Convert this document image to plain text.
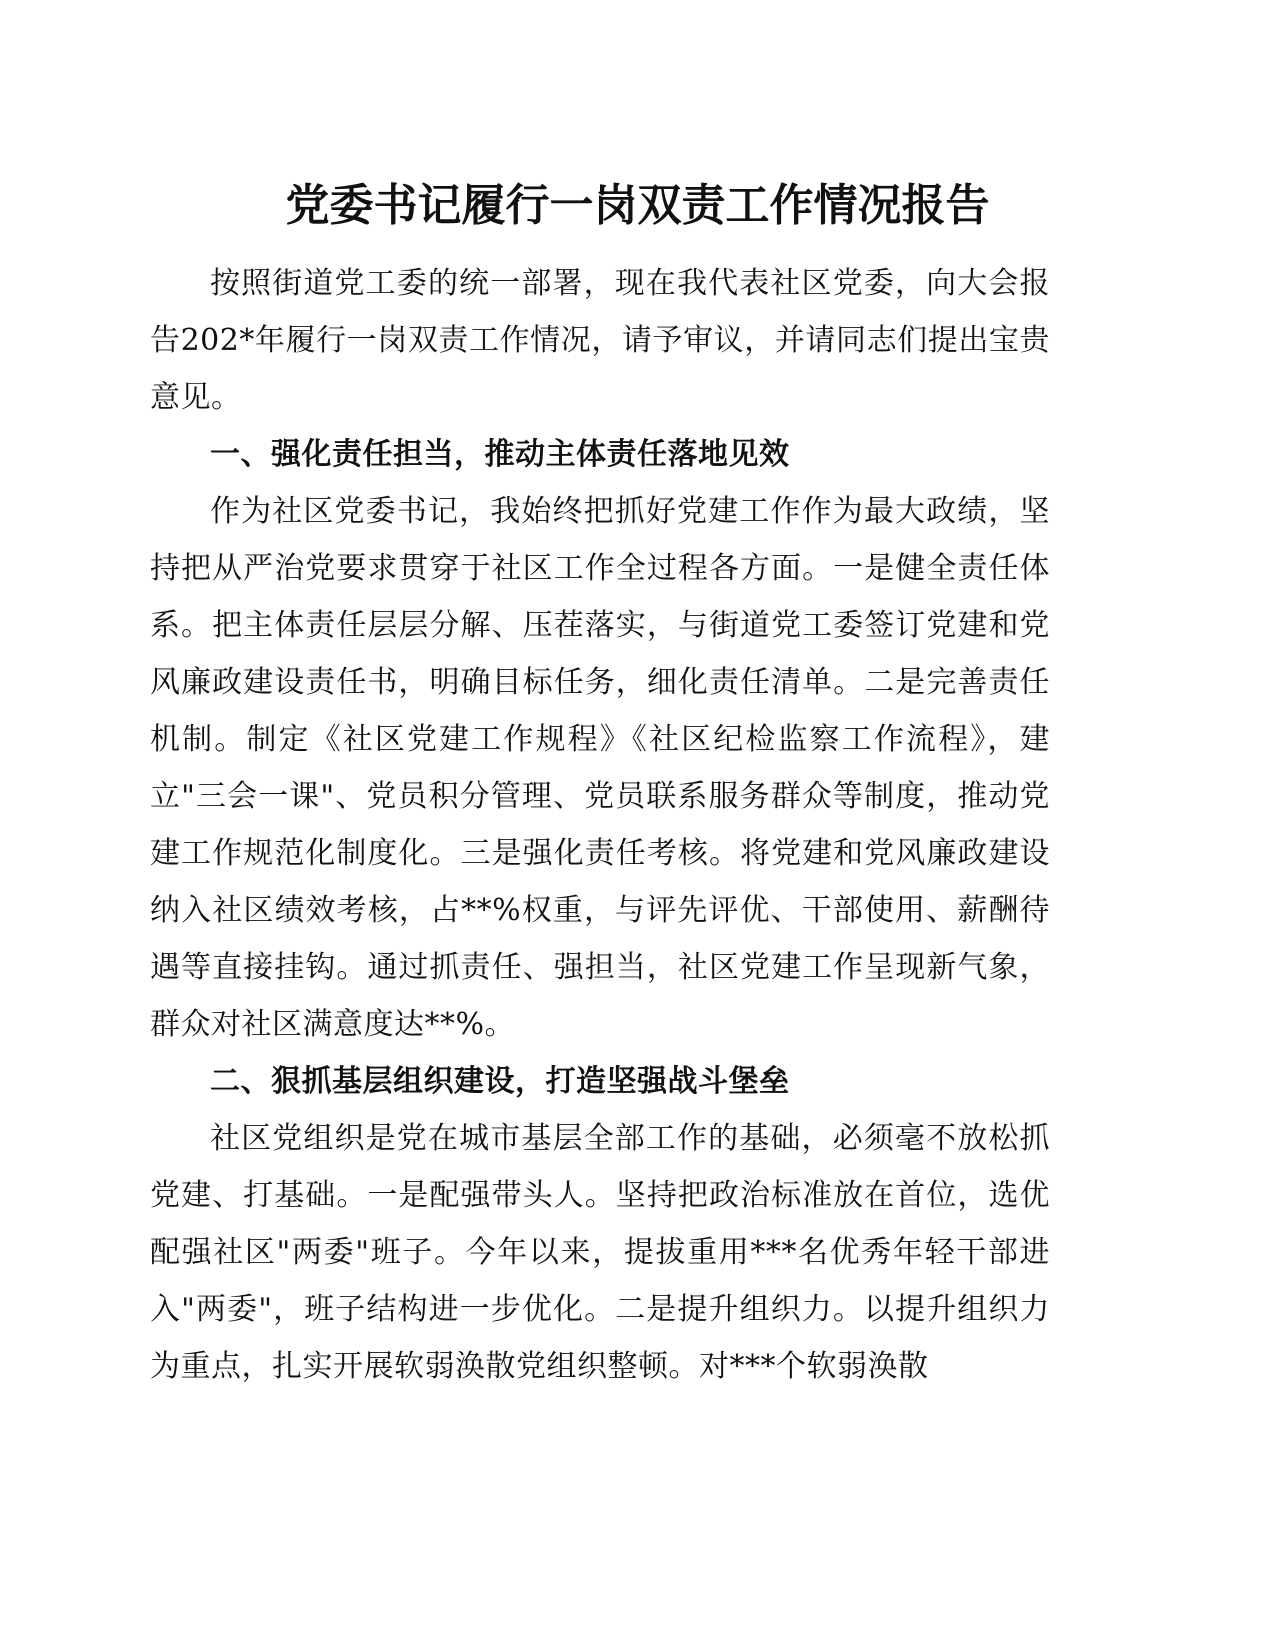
党委书记履行一岗双责工作情况报告

按照街道党工委的统一部署，现在我代表社区党委，向大会报告202*年履行一岗双责工作情况，请予审议，并请同志们提出宝贵意见。

一、强化责任担当，推动主体责任落地见效

作为社区党委书记，我始终把抓好党建工作作为最大政绩，坚持把从严治党要求贯穿于社区工作全过程各方面。一是健全责任体系。把主体责任层层分解、压茬落实，与街道党工委签订党建和党风廉政建设责任书，明确目标任务，细化责任清单。二是完善责任机制。制定《社区党建工作规程》《社区纪检监察工作流程》，建立"三会一课"、党员积分管理、党员联系服务群众等制度，推动党建工作规范化制度化。三是强化责任考核。将党建和党风廉政建设纳入社区绩效考核，占**%权重，与评先评优、干部使用、薪酬待遇等直接挂钩。通过抓责任、强担当，社区党建工作呈现新气象，群众对社区满意度达**%。

二、狠抓基层组织建设，打造坚强战斗堡垒

社区党组织是党在城市基层全部工作的基础，必须毫不放松抓党建、打基础。一是配强带头人。坚持把政治标准放在首位，选优配强社区"两委"班子。今年以来，提拔重用***名优秀年轻干部进入"两委"，班子结构进一步优化。二是提升组织力。以提升组织力为重点，扎实开展软弱涣散党组织整顿。对***个软弱涣散
